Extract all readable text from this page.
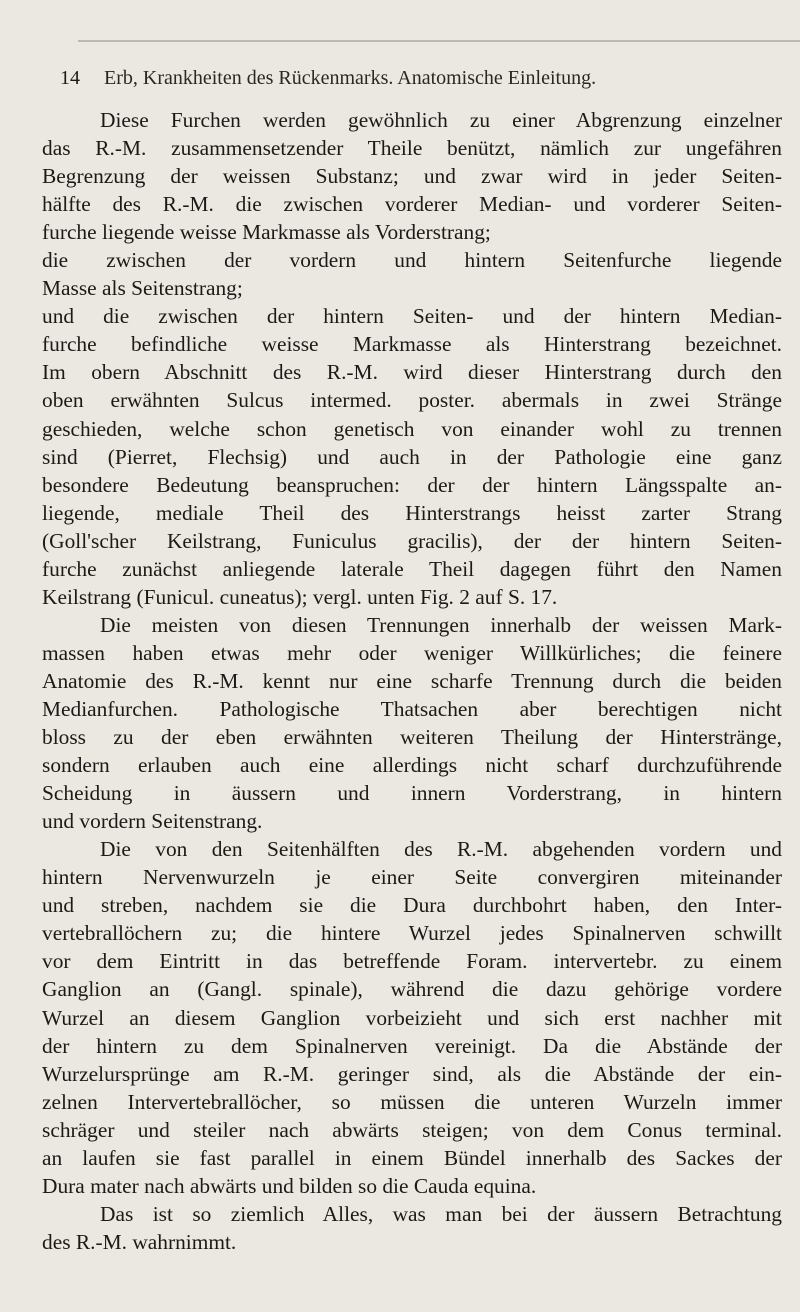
14 Erb, Krankheiten des Rückenmarks. Anatomische Einleitung.
Diese Furchen werden gewöhnlich zu einer Abgrenzung einzelner
das R.-M. zusammensetzender Theile benützt, nämlich zur ungefähren
Begrenzung der weissen Substanz; und zwar wird in jeder Seiten-
hälfte des R.-M. die zwischen vorderer Median- und vorderer Seiten-
furche liegende weisse Markmasse als Vorderstrang;
die zwischen der vordern und hintern Seitenfurche liegende
Masse als Seitenstrang;
und die zwischen der hintern Seiten- und der hintern Median-
furche befindliche weisse Markmasse als Hinterstrang bezeichnet.
Im obern Abschnitt des R.-M. wird dieser Hinterstrang durch den
oben erwähnten Sulcus intermed. poster. abermals in zwei Stränge
geschieden, welche schon genetisch von einander wohl zu trennen
sind (Pierret, Flechsig) und auch in der Pathologie eine ganz
besondere Bedeutung beanspruchen: der der hintern Längsspalte an-
liegende, mediale Theil des Hinterstrangs heisst zarter Strang
(Goll'scher Keilstrang, Funiculus gracilis), der der hintern Seiten-
furche zunächst anliegende laterale Theil dagegen führt den Namen
Keilstrang (Funicul. cuneatus); vergl. unten Fig. 2 auf S. 17.
Die meisten von diesen Trennungen innerhalb der weissen Mark-
massen haben etwas mehr oder weniger Willkürliches; die feinere
Anatomie des R.-M. kennt nur eine scharfe Trennung durch die beiden
Medianfurchen. Pathologische Thatsachen aber berechtigen nicht
bloss zu der eben erwähnten weiteren Theilung der Hinterstränge,
sondern erlauben auch eine allerdings nicht scharf durchzuführende
Scheidung in äussern und innern Vorderstrang, in hintern
und vordern Seitenstrang.
Die von den Seitenhälften des R.-M. abgehenden vordern und
hintern Nervenwurzeln je einer Seite convergiren miteinander
und streben, nachdem sie die Dura durchbohrt haben, den Inter-
vertebrallöchern zu; die hintere Wurzel jedes Spinalnerven schwillt
vor dem Eintritt in das betreffende Foram. intervertebr. zu einem
Ganglion an (Gangl. spinale), während die dazu gehörige vordere
Wurzel an diesem Ganglion vorbeizieht und sich erst nachher mit
der hintern zu dem Spinalnerven vereinigt. Da die Abstände der
Wurzelursprünge am R.-M. geringer sind, als die Abstände der ein-
zelnen Intervertebrallöcher, so müssen die unteren Wurzeln immer
schräger und steiler nach abwärts steigen; von dem Conus terminal.
an laufen sie fast parallel in einem Bündel innerhalb des Sackes der
Dura mater nach abwärts und bilden so die Cauda equina.
Das ist so ziemlich Alles, was man bei der äussern Betrachtung
des R.-M. wahrnimmt.
